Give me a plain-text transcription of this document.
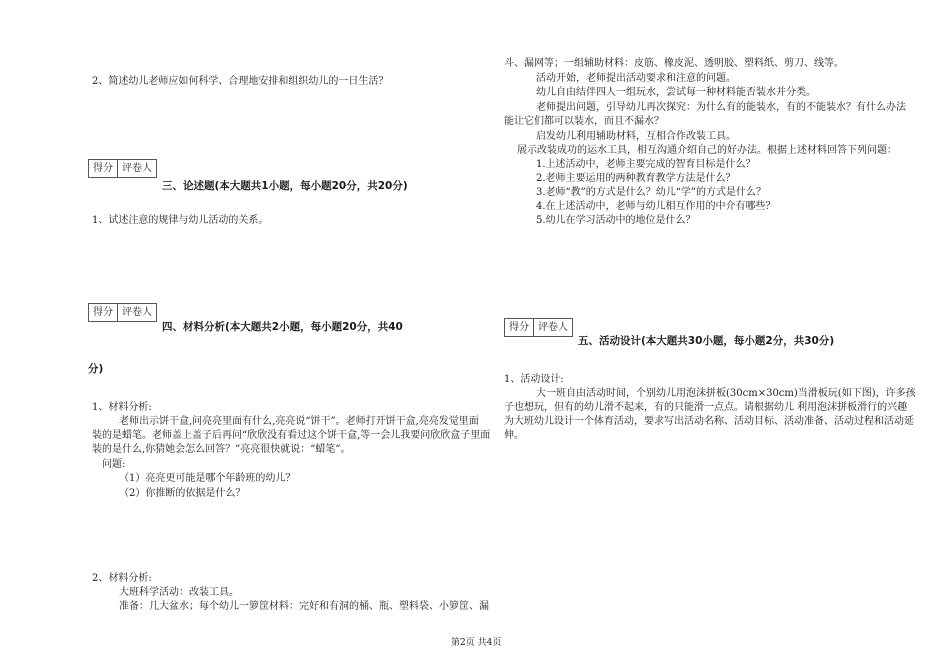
2、简述幼儿老师应如何科学、合理地安排和组织幼儿的一日生活？
得分 评卷人
三、论述题(本大题共1小题，每小题20分，共20分)
1、试述注意的规律与幼儿活动的关系。
得分 评卷人
四、材料分析(本大题共2小题，每小题20分，共40
分)
1、材料分析:
老师出示饼干盒,问亮亮里面有什么,亮亮说“饼干”。老师打开饼干盒,亮亮发觉里面
装的是蜡笔。老师盖上盖子后再问“欣欣没有看过这个饼干盒,等一会儿我要问欣欣盒子里面
装的是什么,你猜她会怎么回答？”亮亮很快就说：“蜡笔”。
问题:
（1）亮亮更可能是哪个年龄班的幼儿？
（2）你推断的依据是什么？
2、材料分析:
大班科学活动：改装工具。
准备：几大盆水；每个幼儿一箩筐材料：完好和有洞的桶、瓶、塑料袋、小箩筐、漏
斗、漏网等；一组辅助材料：皮筋、橡皮泥、透明胶、塑料纸、剪刀、线等。
活动开始，老师提出活动要求和注意的问题。
幼儿自由结伴四人一组玩水，尝试每一种材料能否装水并分类。
老师提出问题，引导幼儿再次探究：为什么有的能装水，有的不能装水？有什么办法
能让它们都可以装水，而且不漏水？
启发幼儿利用辅助材料，互相合作改装工具。
展示改装成功的运水工具，相互沟通介绍自己的好办法。根据上述材料回答下列问题：
1.上述活动中，老师主要完成的智育目标是什么？
2.老师主要运用的两种教育教学方法是什么？
3.老师“教”的方式是什么？幼儿“学”的方式是什么？
4.在上述活动中，老师与幼儿相互作用的中介有哪些？
5.幼儿在学习活动中的地位是什么？
得分 评卷人
五、活动设计(本大题共30小题，每小题2分，共30分)
1、活动设计:
大一班自由活动时间，个别幼儿用泡沫拼板(30cm×30cm)当滑板玩(如下图)，许多孩
子也想玩，但有的幼儿滑不起来，有的只能滑一点点。请根据幼儿 利用泡沫拼板滑行的兴趣
为大班幼儿设计一个体育活动，要求写出活动名称、活动目标、活动准备、活动过程和活动延
伸。
第2页 共4页
